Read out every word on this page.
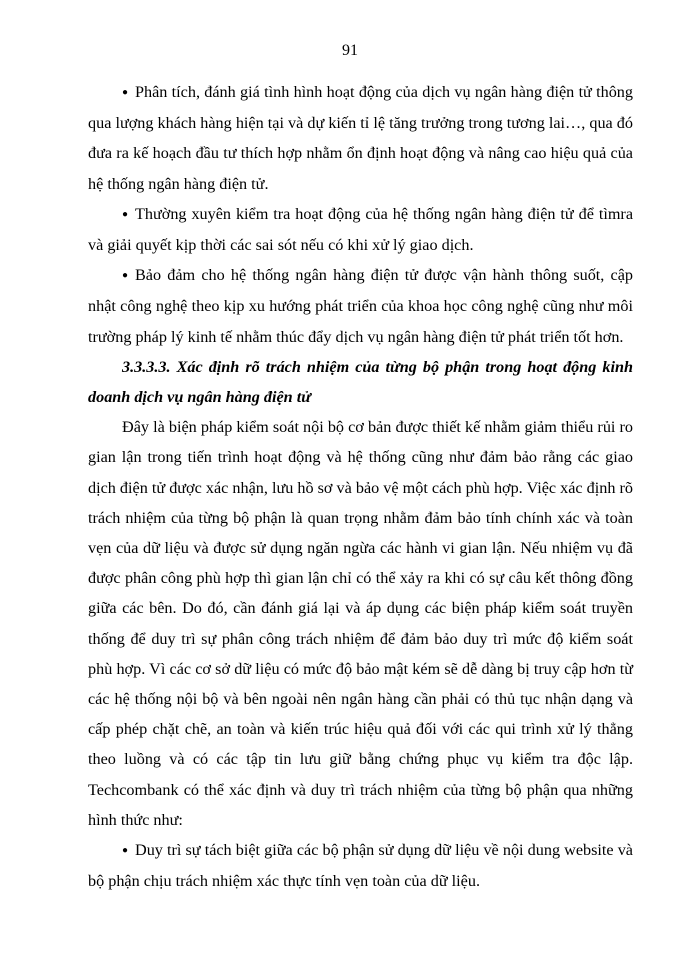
91

● Phân tích, đánh giá tình hình hoạt động của dịch vụ ngân hàng điện tử thông qua lượng khách hàng hiện tại và dự kiến tỉ lệ tăng trưởng trong tương lai…, qua đó đưa ra kế hoạch đầu tư thích hợp nhằm ổn định hoạt động và nâng cao hiệu quả của hệ thống ngân hàng điện tử.

● Thường xuyên kiểm tra hoạt động của hệ thống ngân hàng điện tử để tìmra và giải quyết kịp thời các sai sót nếu có khi xử lý giao dịch.

● Bảo đảm cho hệ thống ngân hàng điện tử được vận hành thông suốt, cập nhật công nghệ theo kịp xu hướng phát triển của khoa học công nghệ cũng như môi trường pháp lý kinh tế nhằm thúc đẩy dịch vụ ngân hàng điện tử phát triển tốt hơn.

3.3.3.3. Xác định rõ trách nhiệm của từng bộ phận trong hoạt động kinh doanh dịch vụ ngân hàng điện tử

Đây là biện pháp kiểm soát nội bộ cơ bản được thiết kế nhằm giảm thiểu rủi ro gian lận trong tiến trình hoạt động và hệ thống cũng như đảm bảo rằng các giao dịch điện tử được xác nhận, lưu hồ sơ và bảo vệ một cách phù hợp. Việc xác định rõ trách nhiệm của từng bộ phận là quan trọng nhằm đảm bảo tính chính xác và toàn vẹn của dữ liệu và được sử dụng ngăn ngừa các hành vi gian lận. Nếu nhiệm vụ đã được phân công phù hợp thì gian lận chỉ có thể xảy ra khi có sự câu kết thông đồng giữa các bên. Do đó, cần đánh giá lại và áp dụng các biện pháp kiểm soát truyền thống để duy trì sự phân công trách nhiệm để đảm bảo duy trì mức độ kiểm soát phù hợp. Vì các cơ sở dữ liệu có mức độ bảo mật kém sẽ dễ dàng bị truy cập hơn từ các hệ thống nội bộ và bên ngoài nên ngân hàng cần phải có thủ tục nhận dạng và cấp phép chặt chẽ, an toàn và kiến trúc hiệu quả đối với các qui trình xử lý thẳng theo luồng và có các tập tin lưu giữ bằng chứng phục vụ kiểm tra độc lập. Techcombank có thể xác định và duy trì trách nhiệm của từng bộ phận qua những hình thức như:

● Duy trì sự tách biệt giữa các bộ phận sử dụng dữ liệu về nội dung website và bộ phận chịu trách nhiệm xác thực tính vẹn toàn của dữ liệu.
